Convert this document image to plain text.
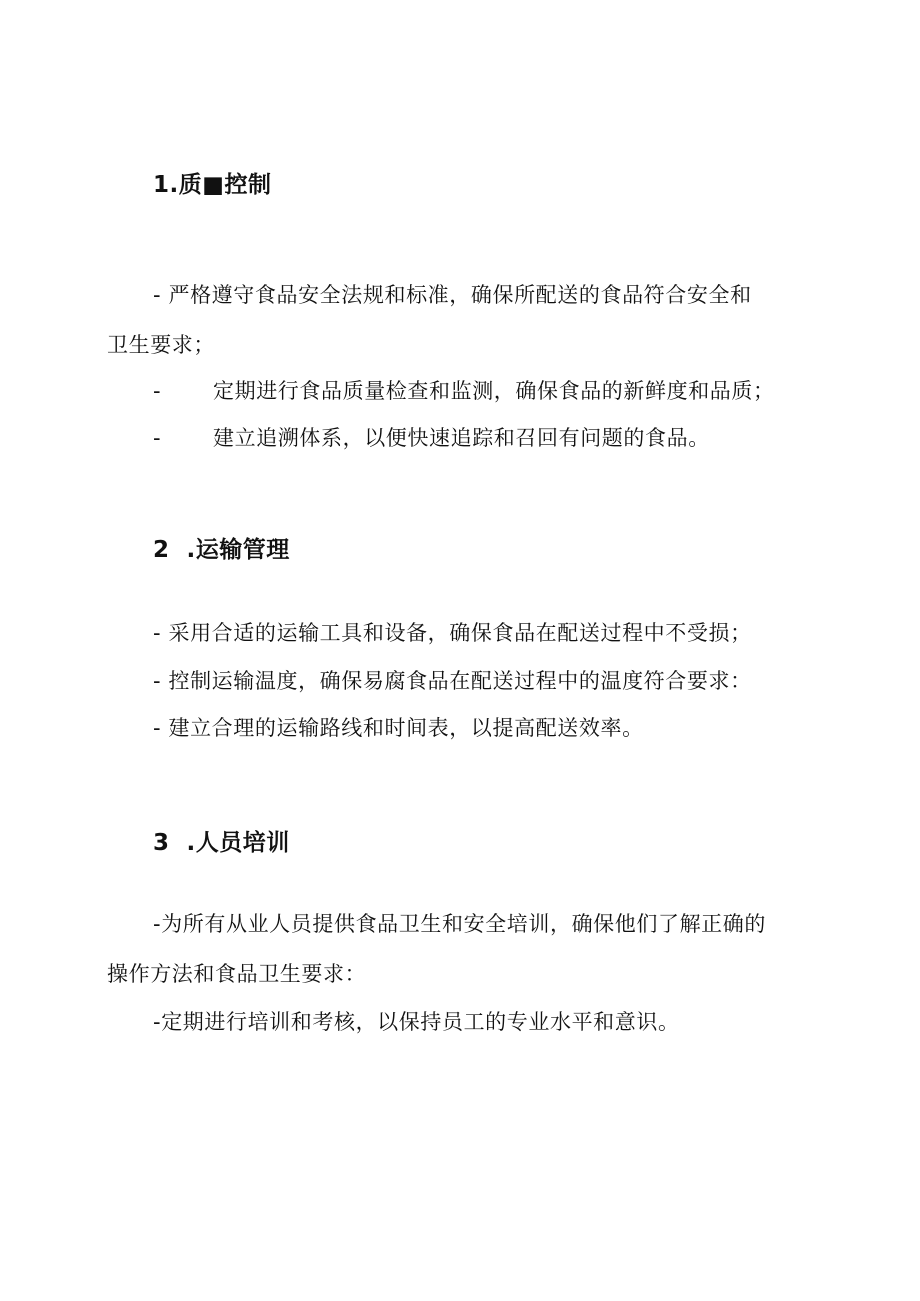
1.质■控制
- 严格遵守食品安全法规和标准，确保所配送的食品符合安全和
卫生要求；
- 定期进行食品质量检查和监测，确保食品的新鲜度和品质；
- 建立追溯体系，以便快速追踪和召回有问题的食品。
2  .运输管理
- 采用合适的运输工具和设备，确保食品在配送过程中不受损；
- 控制运输温度，确保易腐食品在配送过程中的温度符合要求：
- 建立合理的运输路线和时间表，以提高配送效率。
3  .人员培训
-为所有从业人员提供食品卫生和安全培训，确保他们了解正确的
操作方法和食品卫生要求：
-定期进行培训和考核，以保持员工的专业水平和意识。
